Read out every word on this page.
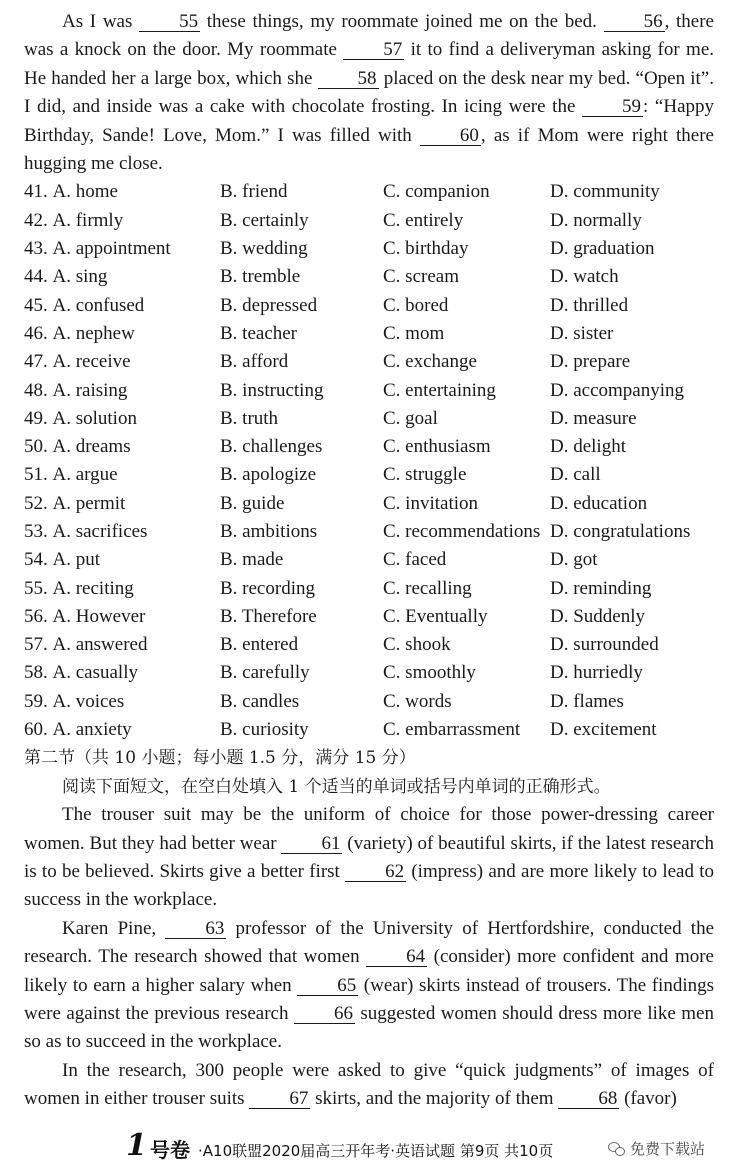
As I was 55 these things, my roommate joined me on the bed. 56 , there was a knock on the door. My roommate 57 it to find a deliveryman asking for me. He handed her a large box, which she 58 placed on the desk near my bed. “Open it”. I did, and inside was a cake with chocolate frosting. In icing were the 59 : “Happy Birthday, Sande! Love, Mom.” I was filled with 60 , as if Mom were right there hugging me close.

41. A. home	B. friend	C. companion	D. community
42. A. firmly	B. certainly	C. entirely	D. normally
43. A. appointment	B. wedding	C. birthday	D. graduation
44. A. sing	B. tremble	C. scream	D. watch
45. A. confused	B. depressed	C. bored	D. thrilled
46. A. nephew	B. teacher	C. mom	D. sister
47. A. receive	B. afford	C. exchange	D. prepare
48. A. raising	B. instructing	C. entertaining	D. accompanying
49. A. solution	B. truth	C. goal	D. measure
50. A. dreams	B. challenges	C. enthusiasm	D. delight
51. A. argue	B. apologize	C. struggle	D. call
52. A. permit	B. guide	C. invitation	D. education
53. A. sacrifices	B. ambitions	C. recommendations D. congratulations
54. A. put	B. made	C. faced	D. got
55. A. reciting	B. recording	C. recalling	D. reminding
56. A. However	B. Therefore	C. Eventually	D. Suddenly
57. A. answered	B. entered	C. shook	D. surrounded
58. A. casually	B. carefully	C. smoothly	D. hurriedly
59. A. voices	B. candles	C. words	D. flames
60. A. anxiety	B. curiosity	C. embarrassment	D. excitement

第二节（共 10 小题；每小题 1.5 分，满分 15 分）

阅读下面短文，在空白处填入 1 个适当的单词或括号内单词的正确形式。

The trouser suit may be the uniform of choice for those power-dressing career women. But they had better wear 61 (variety) of beautiful skirts, if the latest research is to be believed. Skirts give a better first 62 (impress) and are more likely to lead to success in the workplace.

Karen Pine, 63 professor of the University of Hertfordshire, conducted the research. The research showed that women 64 (consider) more confident and more likely to earn a higher salary when 65 (wear) skirts instead of trousers. The findings were against the previous research 66 suggested women should dress more like men so as to succeed in the workplace.

In the research, 300 people were asked to give “quick judgments” of images of women in either trouser suits 67 skirts, and the majority of them 68 (favor)

1 号卷 ·A10联盟2020届高三开年考·英语试题 第9页 共10页	免费下载站
